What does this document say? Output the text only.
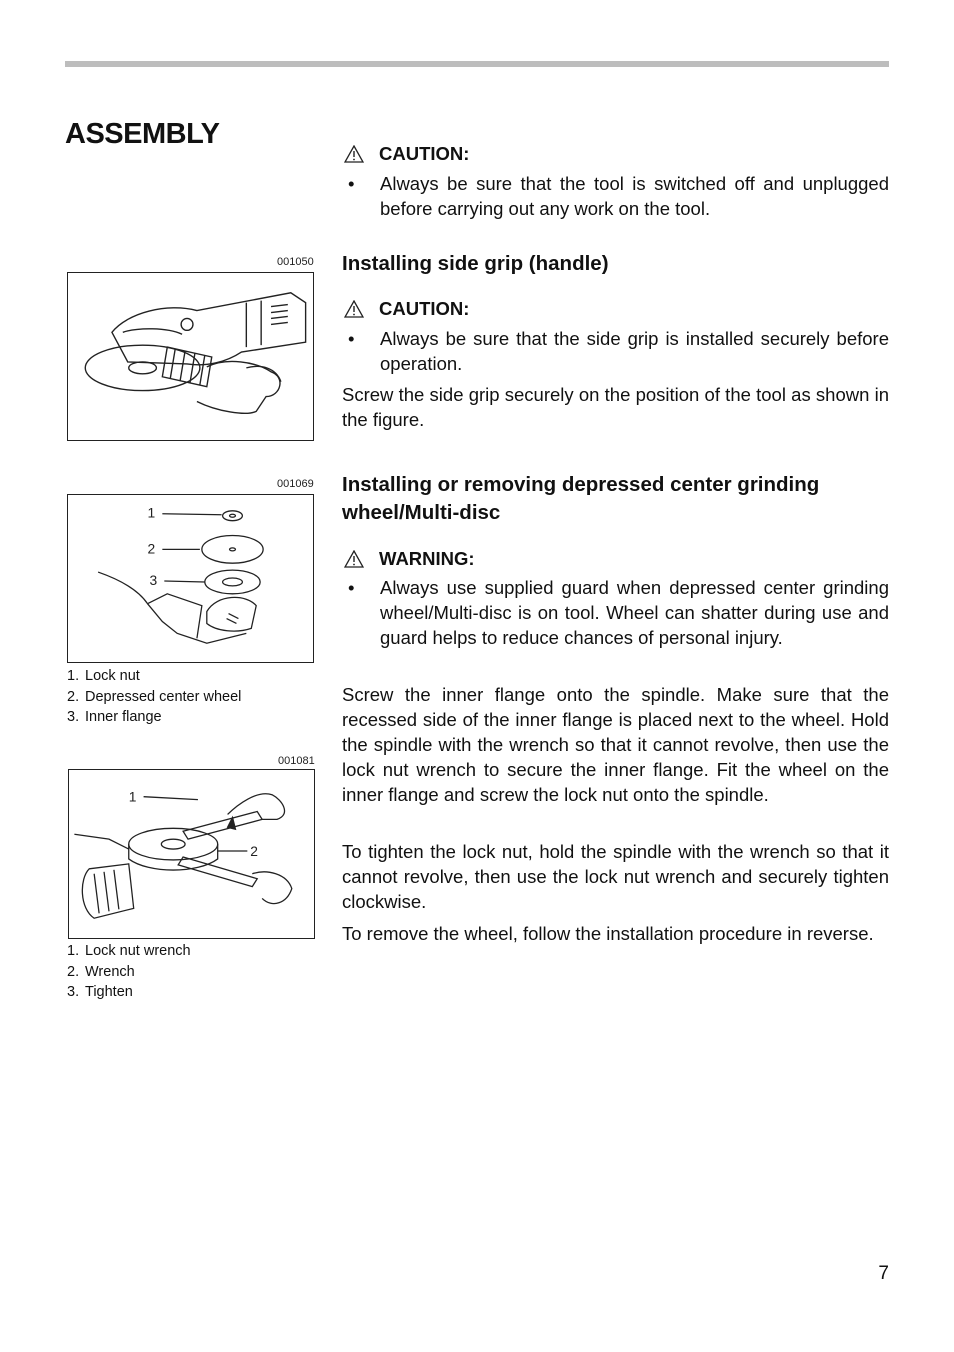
ASSEMBLY
001050
001069
1
2
3
1. Lock nut
2. Depressed center wheel
3. Inner flange
001081
1
2
1. Lock nut wrench
2. Wrench
3. Tighten
CAUTION:
•	Always be sure that the tool is switched off and unplugged before carrying out any work on the tool.
Installing side grip (handle)
CAUTION:
•	Always be sure that the side grip is installed securely before operation.

Screw the side grip securely on the position of the tool as shown in the figure.

Installing or removing depressed center grinding wheel/Multi-disc
WARNING:
•	Always use supplied guard when depressed center grinding wheel/Multi-disc is on tool. Wheel can shatter during use and guard helps to reduce chances of personal injury.

Screw the inner flange onto the spindle. Make sure that the recessed side of the inner flange is placed next to the wheel. Hold the spindle with the wrench so that it cannot revolve, then use the lock nut wrench to secure the inner flange. Fit the wheel on the inner flange and screw the lock nut onto the spindle.

To tighten the lock nut, hold the spindle with the wrench so that it cannot revolve, then use the lock nut wrench and securely tighten clockwise.

To remove the wheel, follow the installation procedure in reverse.

7
